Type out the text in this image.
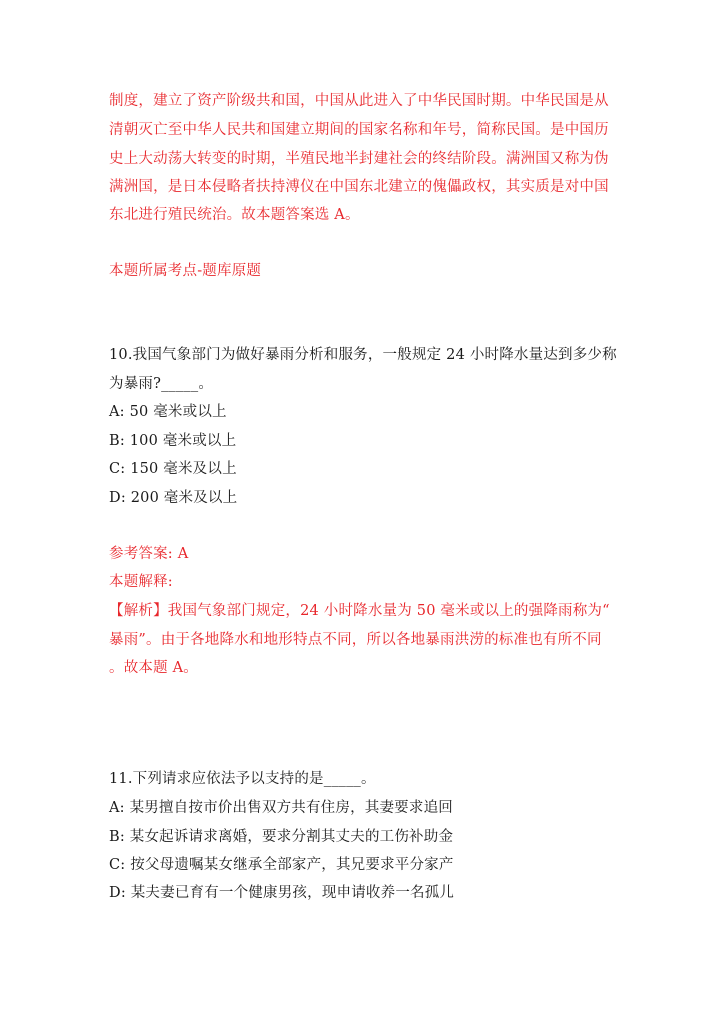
制度，建立了资产阶级共和国，中国从此进入了中华民国时期。中华民国是从
清朝灭亡至中华人民共和国建立期间的国家名称和年号，简称民国。是中国历
史上大动荡大转变的时期，半殖民地半封建社会的终结阶段。满洲国又称为伪
满洲国，是日本侵略者扶持溥仪在中国东北建立的傀儡政权，其实质是对中国
东北进行殖民统治。故本题答案选 A。
本题所属考点-题库原题
10.我国气象部门为做好暴雨分析和服务，一般规定 24 小时降水量达到多少称
为暴雨?_____。
A: 50 毫米或以上
B: 100 毫米或以上
C: 150 毫米及以上
D: 200 毫米及以上
参考答案: A
本题解释:
【解析】我国气象部门规定，24 小时降水量为 50 毫米或以上的强降雨称为“
暴雨”。由于各地降水和地形特点不同，所以各地暴雨洪涝的标准也有所不同
。故本题 A。
11.下列请求应依法予以支持的是_____。
A: 某男擅自按市价出售双方共有住房，其妻要求追回
B: 某女起诉请求离婚，要求分割其丈夫的工伤补助金
C: 按父母遗嘱某女继承全部家产，其兄要求平分家产
D: 某夫妻已育有一个健康男孩，现申请收养一名孤儿
